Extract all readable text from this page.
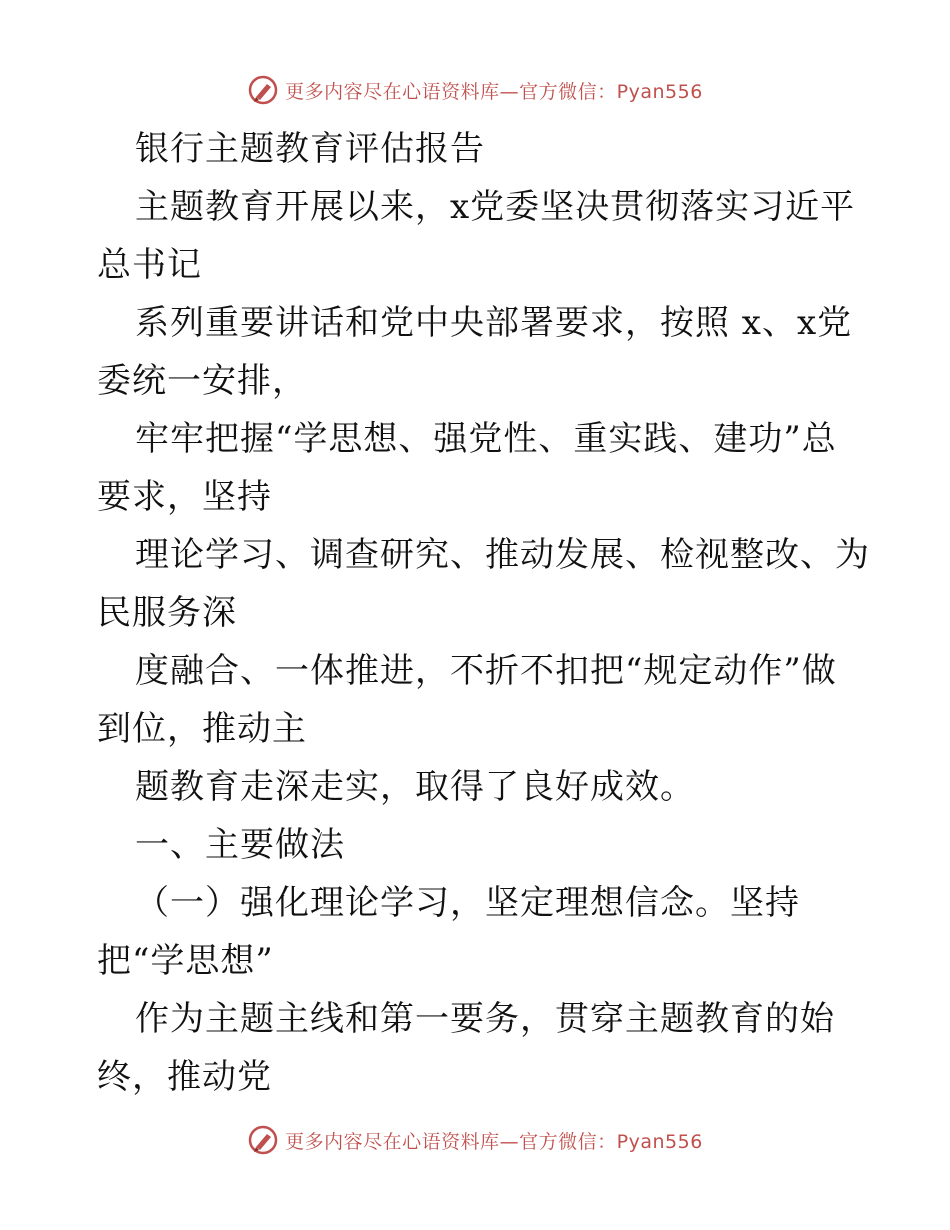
更多内容尽在心语资料库—官方微信：Pyan556
银行主题教育评估报告
主题教育开展以来，x党委坚决贯彻落实习近平
总书记
系列重要讲话和党中央部署要求，按照 x、x党
委统一安排，
牢牢把握“学思想、强党性、重实践、建功”总
要求，坚持
理论学习、调查研究、推动发展、检视整改、为
民服务深
度融合、一体推进，不折不扣把“规定动作”做
到位，推动主
题教育走深走实，取得了良好成效。
一、主要做法
（一）强化理论学习，坚定理想信念。坚持
把“学思想”
作为主题主线和第一要务，贯穿主题教育的始
终，推动党
更多内容尽在心语资料库—官方微信：Pyan556
